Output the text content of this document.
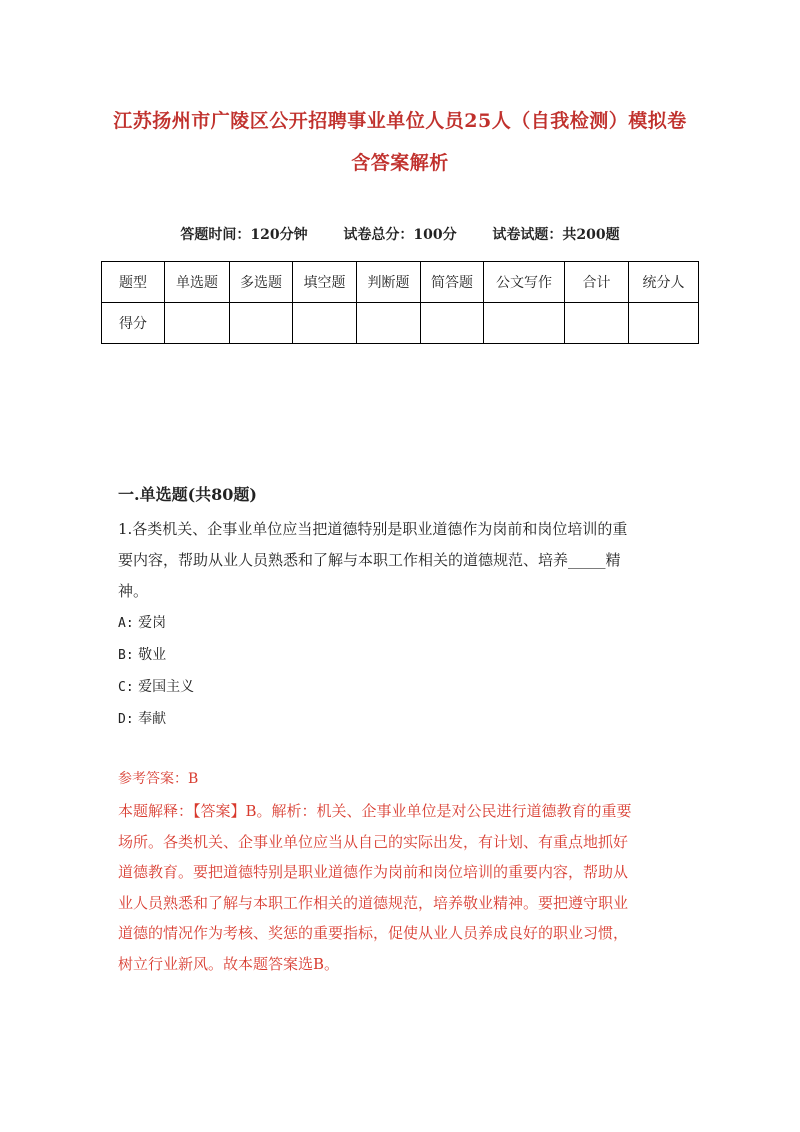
江苏扬州市广陵区公开招聘事业单位人员25人（自我检测）模拟卷
含答案解析
答题时间：120分钟	试卷总分：100分	试卷试题：共200题
题型	单选题	多选题	填空题	判断题	简答题	公文写作	合计	统分人
得分								
一.单选题(共80题)
1.各类机关、企事业单位应当把道德特别是职业道德作为岗前和岗位培训的重
要内容，帮助从业人员熟悉和了解与本职工作相关的道德规范、培养_____精
神。
A: 爱岗
B: 敬业
C: 爱国主义
D: 奉献
参考答案：B
本题解释：【答案】B。解析：机关、企事业单位是对公民进行道德教育的重要
场所。各类机关、企事业单位应当从自己的实际出发，有计划、有重点地抓好
道德教育。要把道德特别是职业道德作为岗前和岗位培训的重要内容，帮助从
业人员熟悉和了解与本职工作相关的道德规范，培养敬业精神。要把遵守职业
道德的情况作为考核、奖惩的重要指标，促使从业人员养成良好的职业习惯，
树立行业新风。故本题答案选B。
